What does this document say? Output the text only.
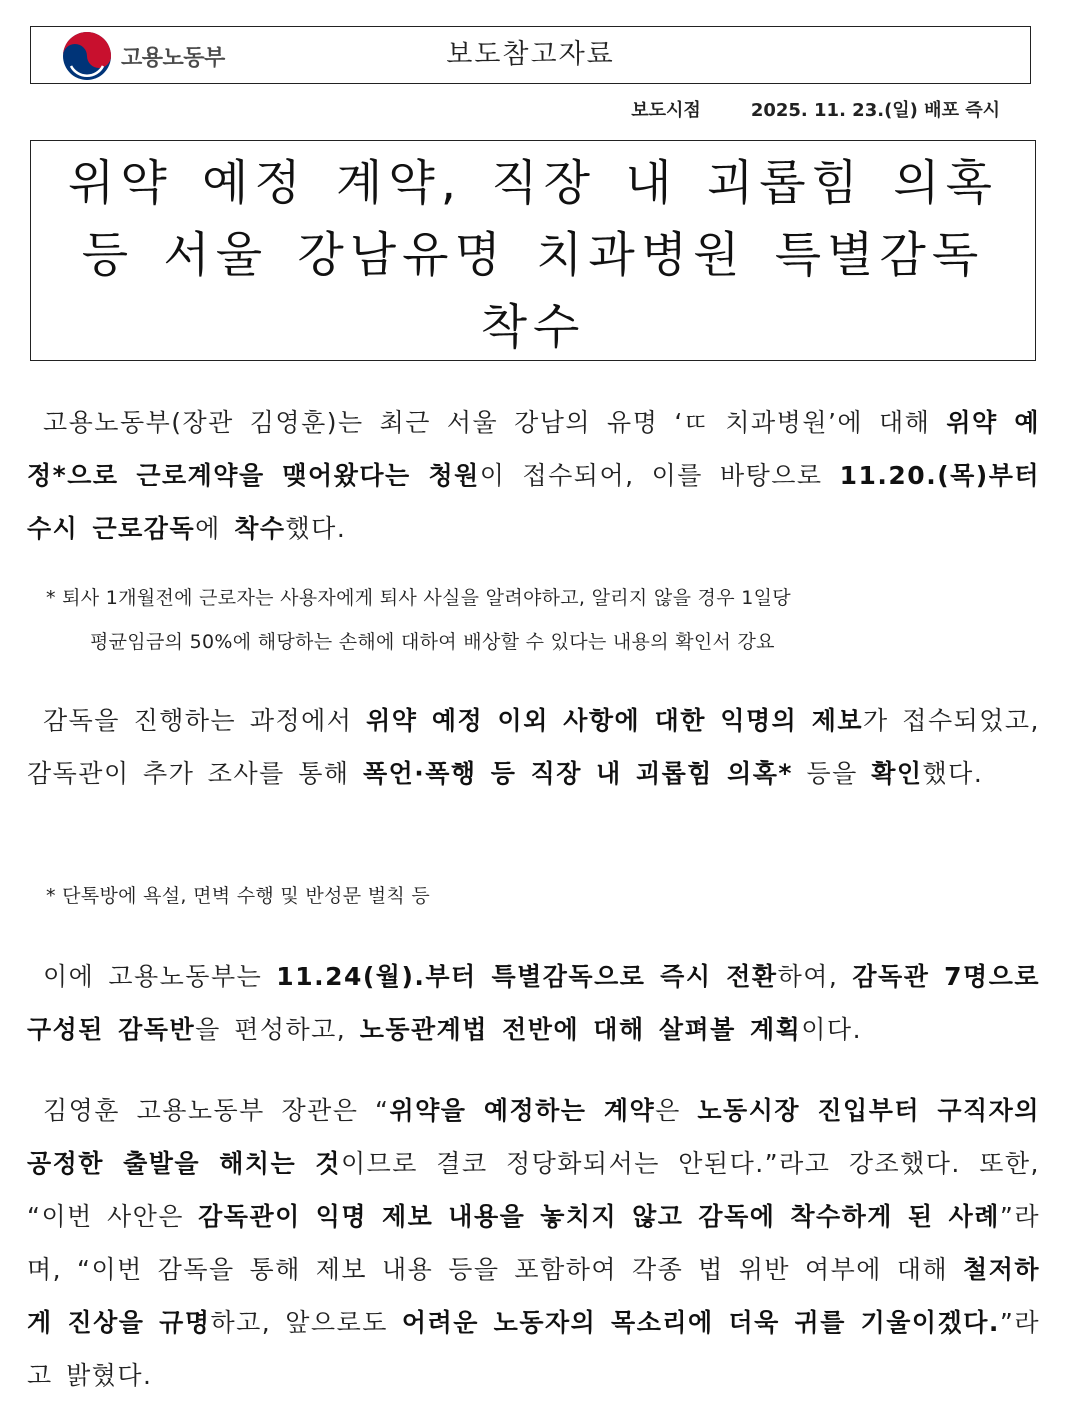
고용노동부	보도참고자료
보도시점	2025. 11. 23.(일) 배포 즉시
위약 예정 계약, 직장 내 괴롭힘 의혹 등 서울 강남유명 치과병원 특별감독 착수

고용노동부(장관 김영훈)는 최근 서울 강남의 유명 ‘ㄸ 치과병원’에 대해 위약 예정*으로 근로계약을 맺어왔다는 청원이 접수되어, 이를 바탕으로 11.20.(목)부터 수시 근로감독에 착수했다.

* 퇴사 1개월전에 근로자는 사용자에게 퇴사 사실을 알려야하고, 알리지 않을 경우 1일당
평균임금의 50%에 해당하는 손해에 대하여 배상할 수 있다는 내용의 확인서 강요

감독을 진행하는 과정에서 위약 예정 이외 사항에 대한 익명의 제보가 접수되었고, 감독관이 추가 조사를 통해 폭언·폭행 등 직장 내 괴롭힘 의혹* 등을 확인했다.

* 단톡방에 욕설, 면벽 수행 및 반성문 벌칙 등

이에 고용노동부는 11.24(월).부터 특별감독으로 즉시 전환하여, 감독관 7명으로 구성된 감독반을 편성하고, 노동관계법 전반에 대해 살펴볼 계획이다.

김영훈 고용노동부 장관은 “위약을 예정하는 계약은 노동시장 진입부터 구직자의 공정한 출발을 해치는 것이므로 결코 정당화되서는 안된다.”라고 강조했다. 또한, “이번 사안은 감독관이 익명 제보 내용을 놓치지 않고 감독에 착수하게 된 사례”라며, “이번 감독을 통해 제보 내용 등을 포함하여 각종 법 위반 여부에 대해 철저하게 진상을 규명하고, 앞으로도 어려운 노동자의 목소리에 더욱 귀를 기울이겠다.”라고 밝혔다.
